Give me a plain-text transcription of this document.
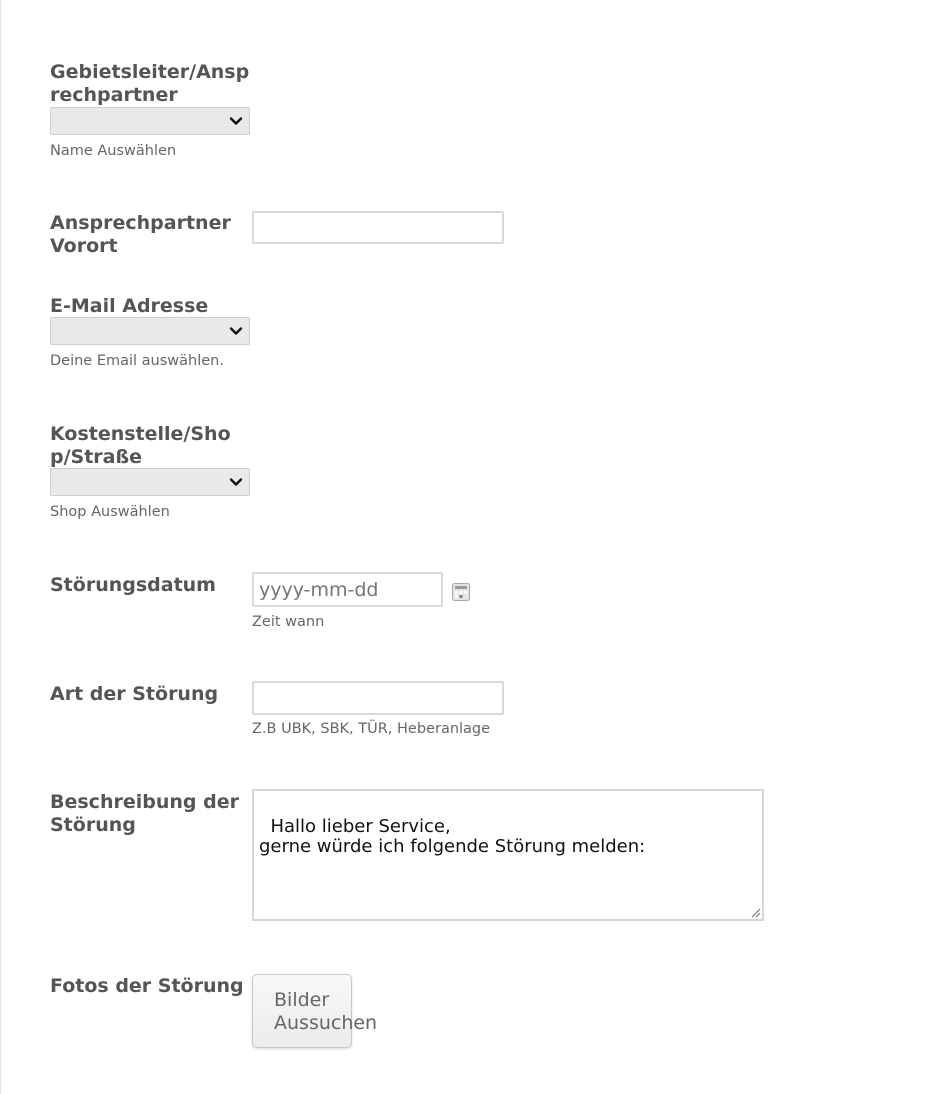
Gebietsleiter/Ansprechpartner
Name Auswählen
Ansprechpartner Vorort
E-Mail Adresse
Deine Email auswählen.
Kostenstelle/Shop/Straße
Shop Auswählen
Störungsdatum
yyyy-mm-dd
Zeit wann
Art der Störung
Z.B UBK, SBK, TÜR, Heberanlage
Beschreibung der Störung	Hallo lieber Service,
gerne würde ich folgende Störung melden:

Fotos der Störung
Bilder Aussuchen
